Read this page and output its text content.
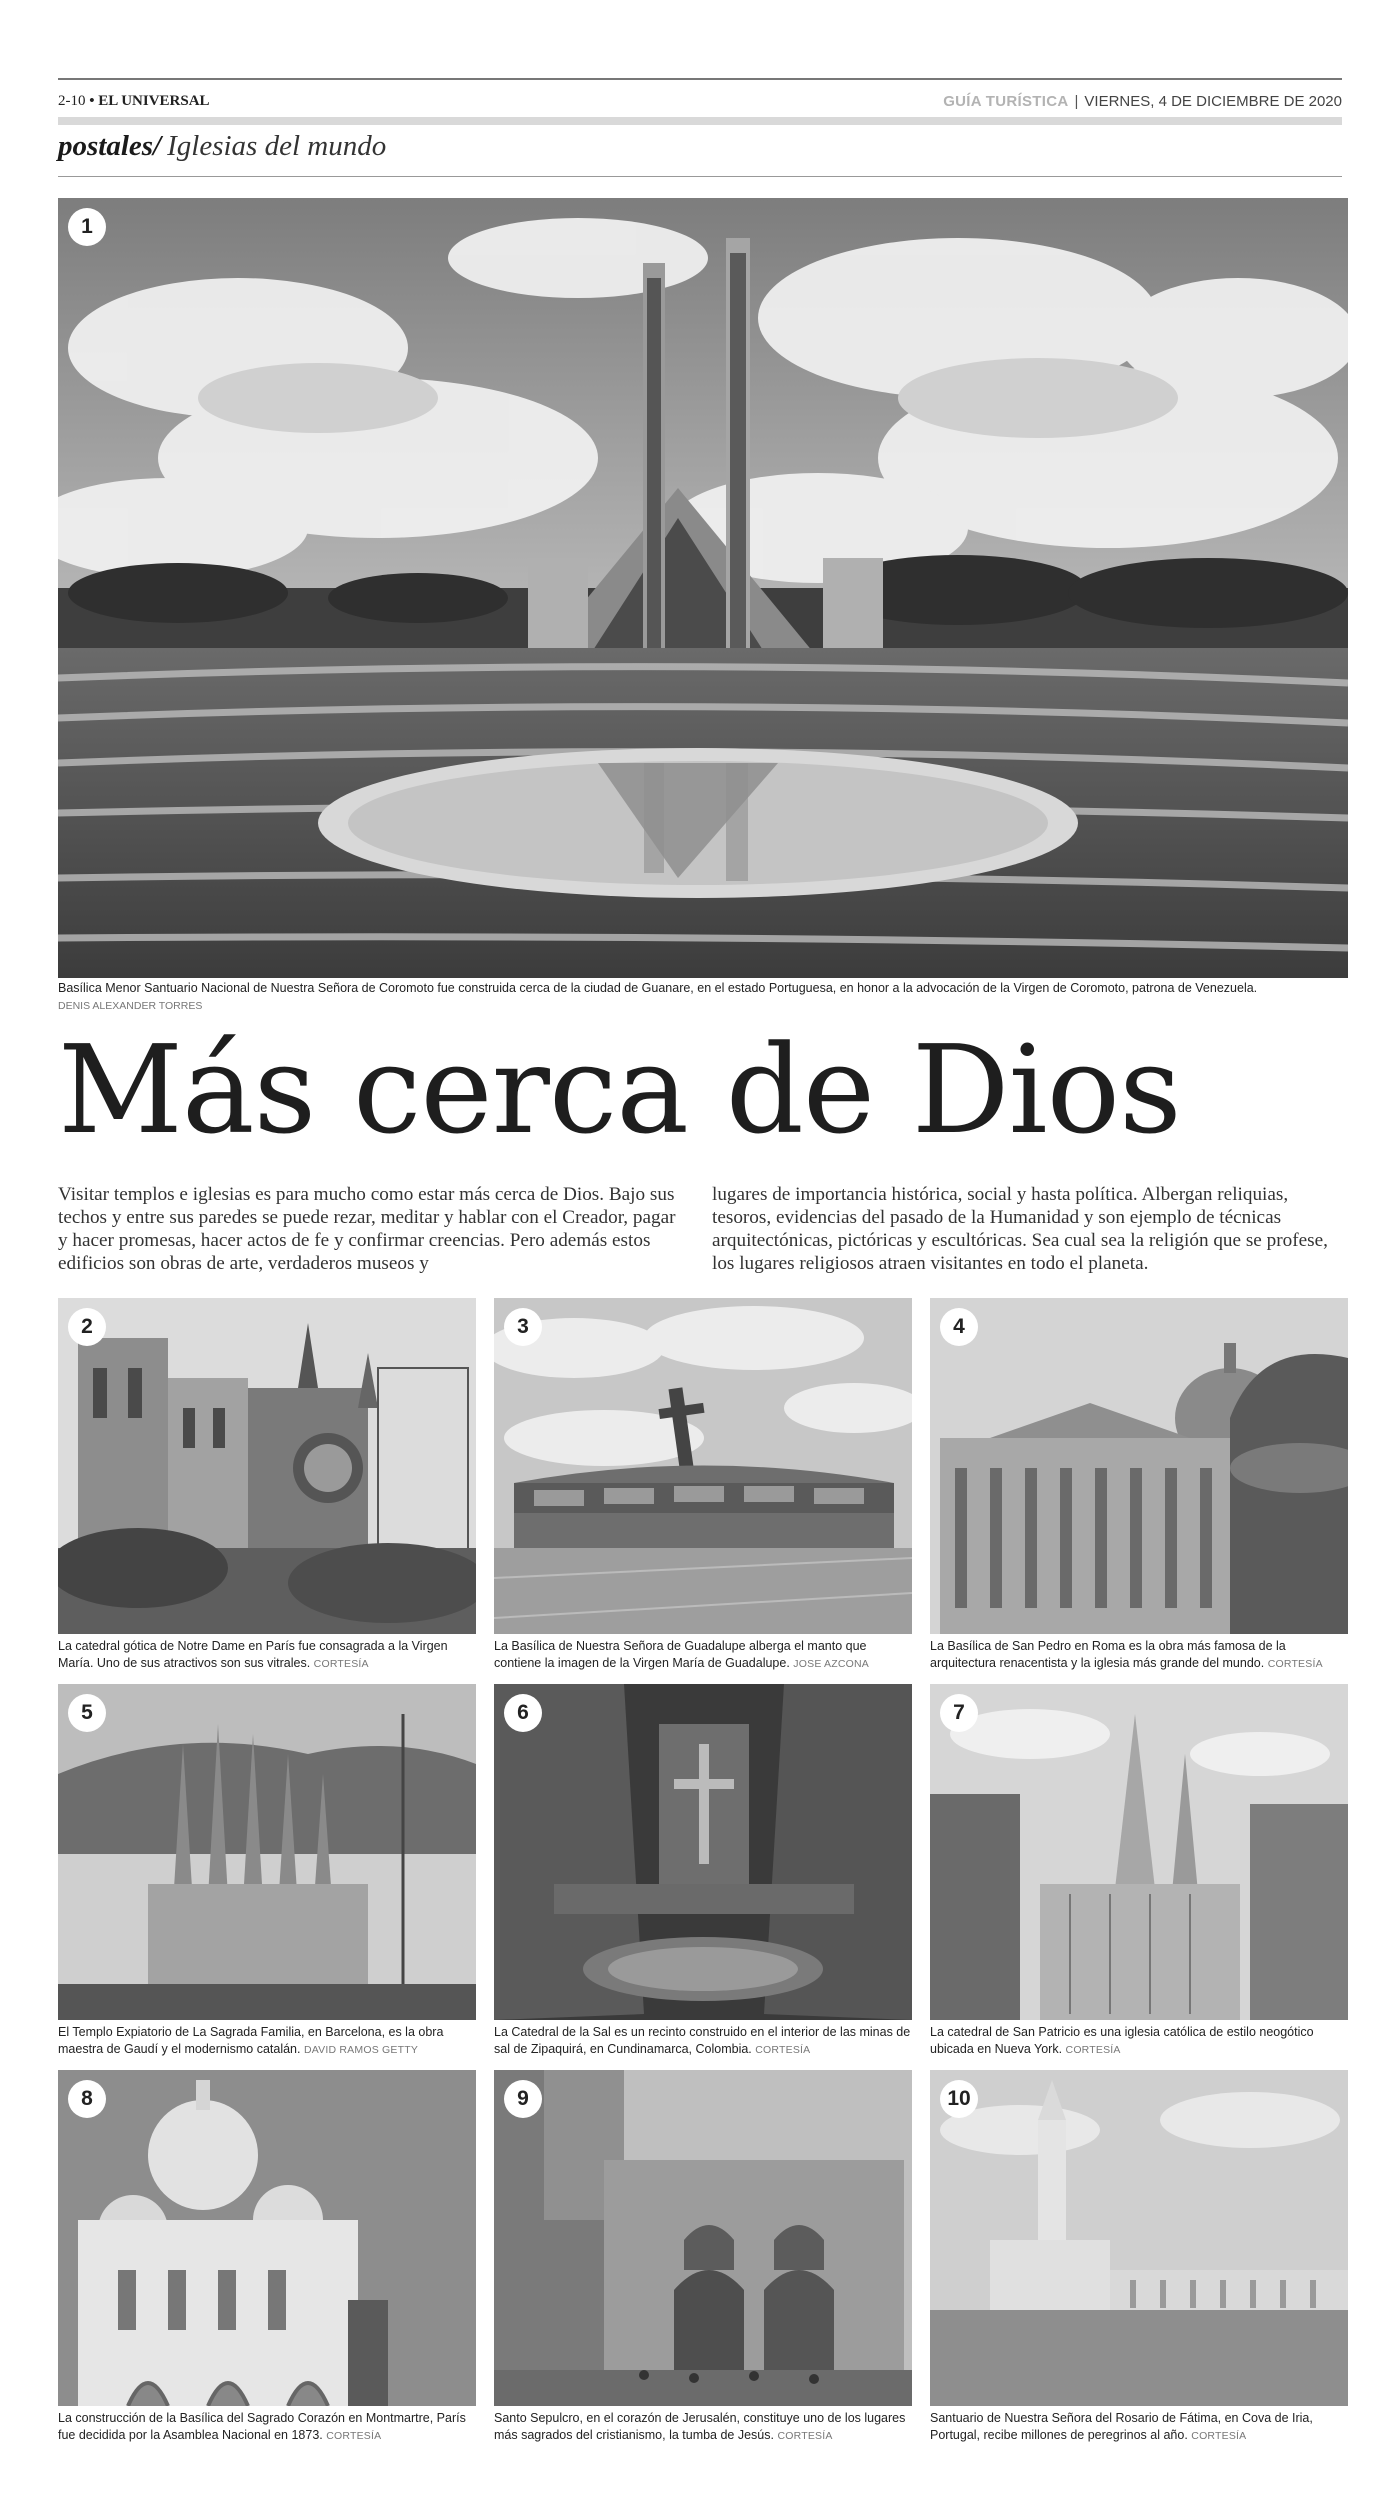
2-10 • EL UNIVERSAL	GUÍA TURÍSTICA | VIERNES, 4 DE DICIEMBRE DE 2020
postales/ Iglesias del mundo
1
Basílica Menor Santuario Nacional de Nuestra Señora de Coromoto fue construida cerca de la ciudad de Guanare, en el estado Portuguesa, en honor a la advocación de la Virgen de Coromoto, patrona de Venezuela.
DENIS ALEXANDER TORRES
Más cerca de Dios
Visitar templos e iglesias es para mucho como estar más cerca de Dios. Bajo sus techos y entre sus paredes se puede rezar, meditar y hablar con el Creador, pagar y hacer promesas, hacer actos de fe y confirmar creencias. Pero además estos edificios son obras de arte, verdaderos museos y
lugares de importancia histórica, social y hasta política. Albergan reliquias, tesoros, evidencias del pasado de la Humanidad y son ejemplo de técnicas arquitectónicas, pictóricas y escultóricas. Sea cual sea la religión que se profese, los lugares religiosos atraen visitantes en todo el planeta.
2
La catedral gótica de Notre Dame en París fue consagrada a la Virgen María. Uno de sus atractivos son sus vitrales. CORTESÍA
3
La Basílica de Nuestra Señora de Guadalupe alberga el manto que contiene la imagen de la Virgen María de Guadalupe. JOSE AZCONA
4
La Basílica de San Pedro en Roma es la obra más famosa de la arquitectura renacentista y la iglesia más grande del mundo. CORTESÍA
5
El Templo Expiatorio de La Sagrada Familia, en Barcelona, es la obra maestra de Gaudí y el modernismo catalán. DAVID RAMOS GETTY
6
La Catedral de la Sal es un recinto construido en el interior de las minas de sal de Zipaquirá, en Cundinamarca, Colombia. CORTESÍA
7
La catedral de San Patricio es una iglesia católica de estilo neogótico ubicada en Nueva York. CORTESÍA
8
La construcción de la Basílica del Sagrado Corazón en Montmartre, París fue decidida por la Asamblea Nacional en 1873. CORTESÍA
9
Santo Sepulcro, en el corazón de Jerusalén, constituye uno de los lugares más sagrados del cristianismo, la tumba de Jesús. CORTESÍA
10
Santuario de Nuestra Señora del Rosario de Fátima, en Cova de Iria, Portugal, recibe millones de peregrinos al año. CORTESÍA
